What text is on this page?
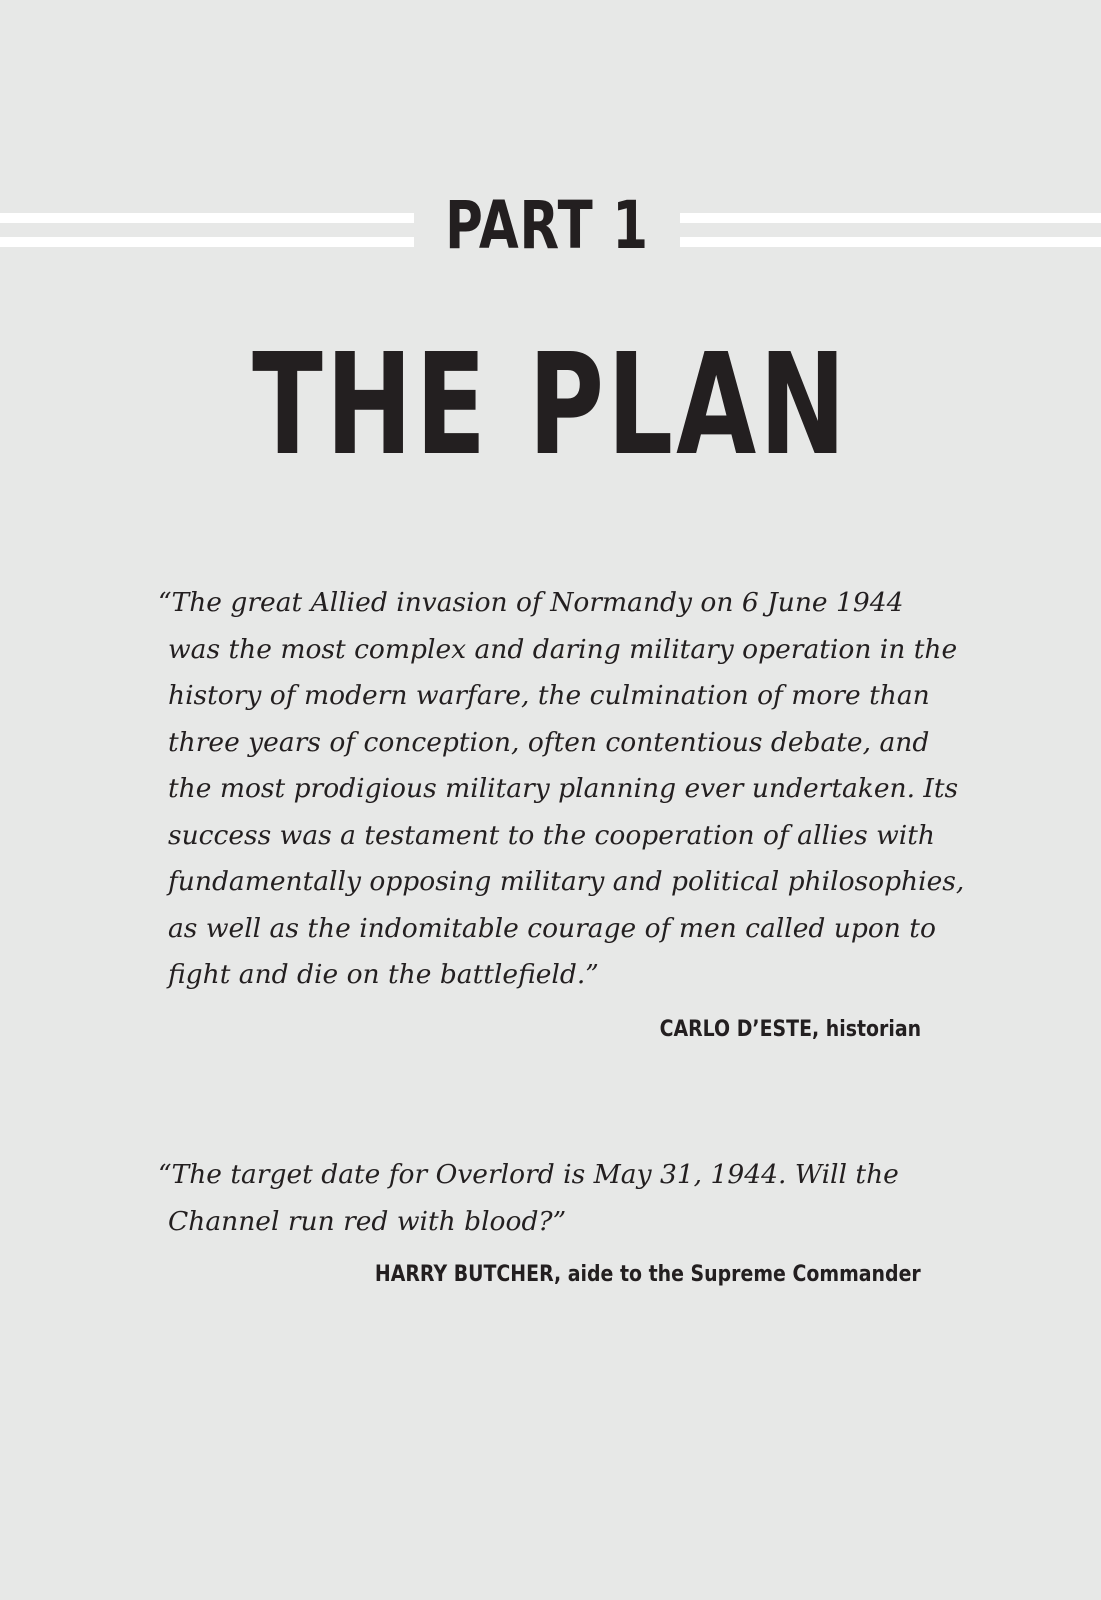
PART 1
THE PLAN
“The great Allied invasion of Normandy on 6 June 1944
was the most complex and daring military operation in the
history of modern warfare, the culmination of more than
three years of conception, often contentious debate, and
the most prodigious military planning ever undertaken. Its
success was a testament to the cooperation of allies with
fundamentally opposing military and political philosophies,
as well as the indomitable courage of men called upon to
fight and die on the battlefield.”
CARLO D’ESTE, historian
“The target date for Overlord is May 31, 1944. Will the
Channel run red with blood?”
HARRY BUTCHER, aide to the Supreme Commander
